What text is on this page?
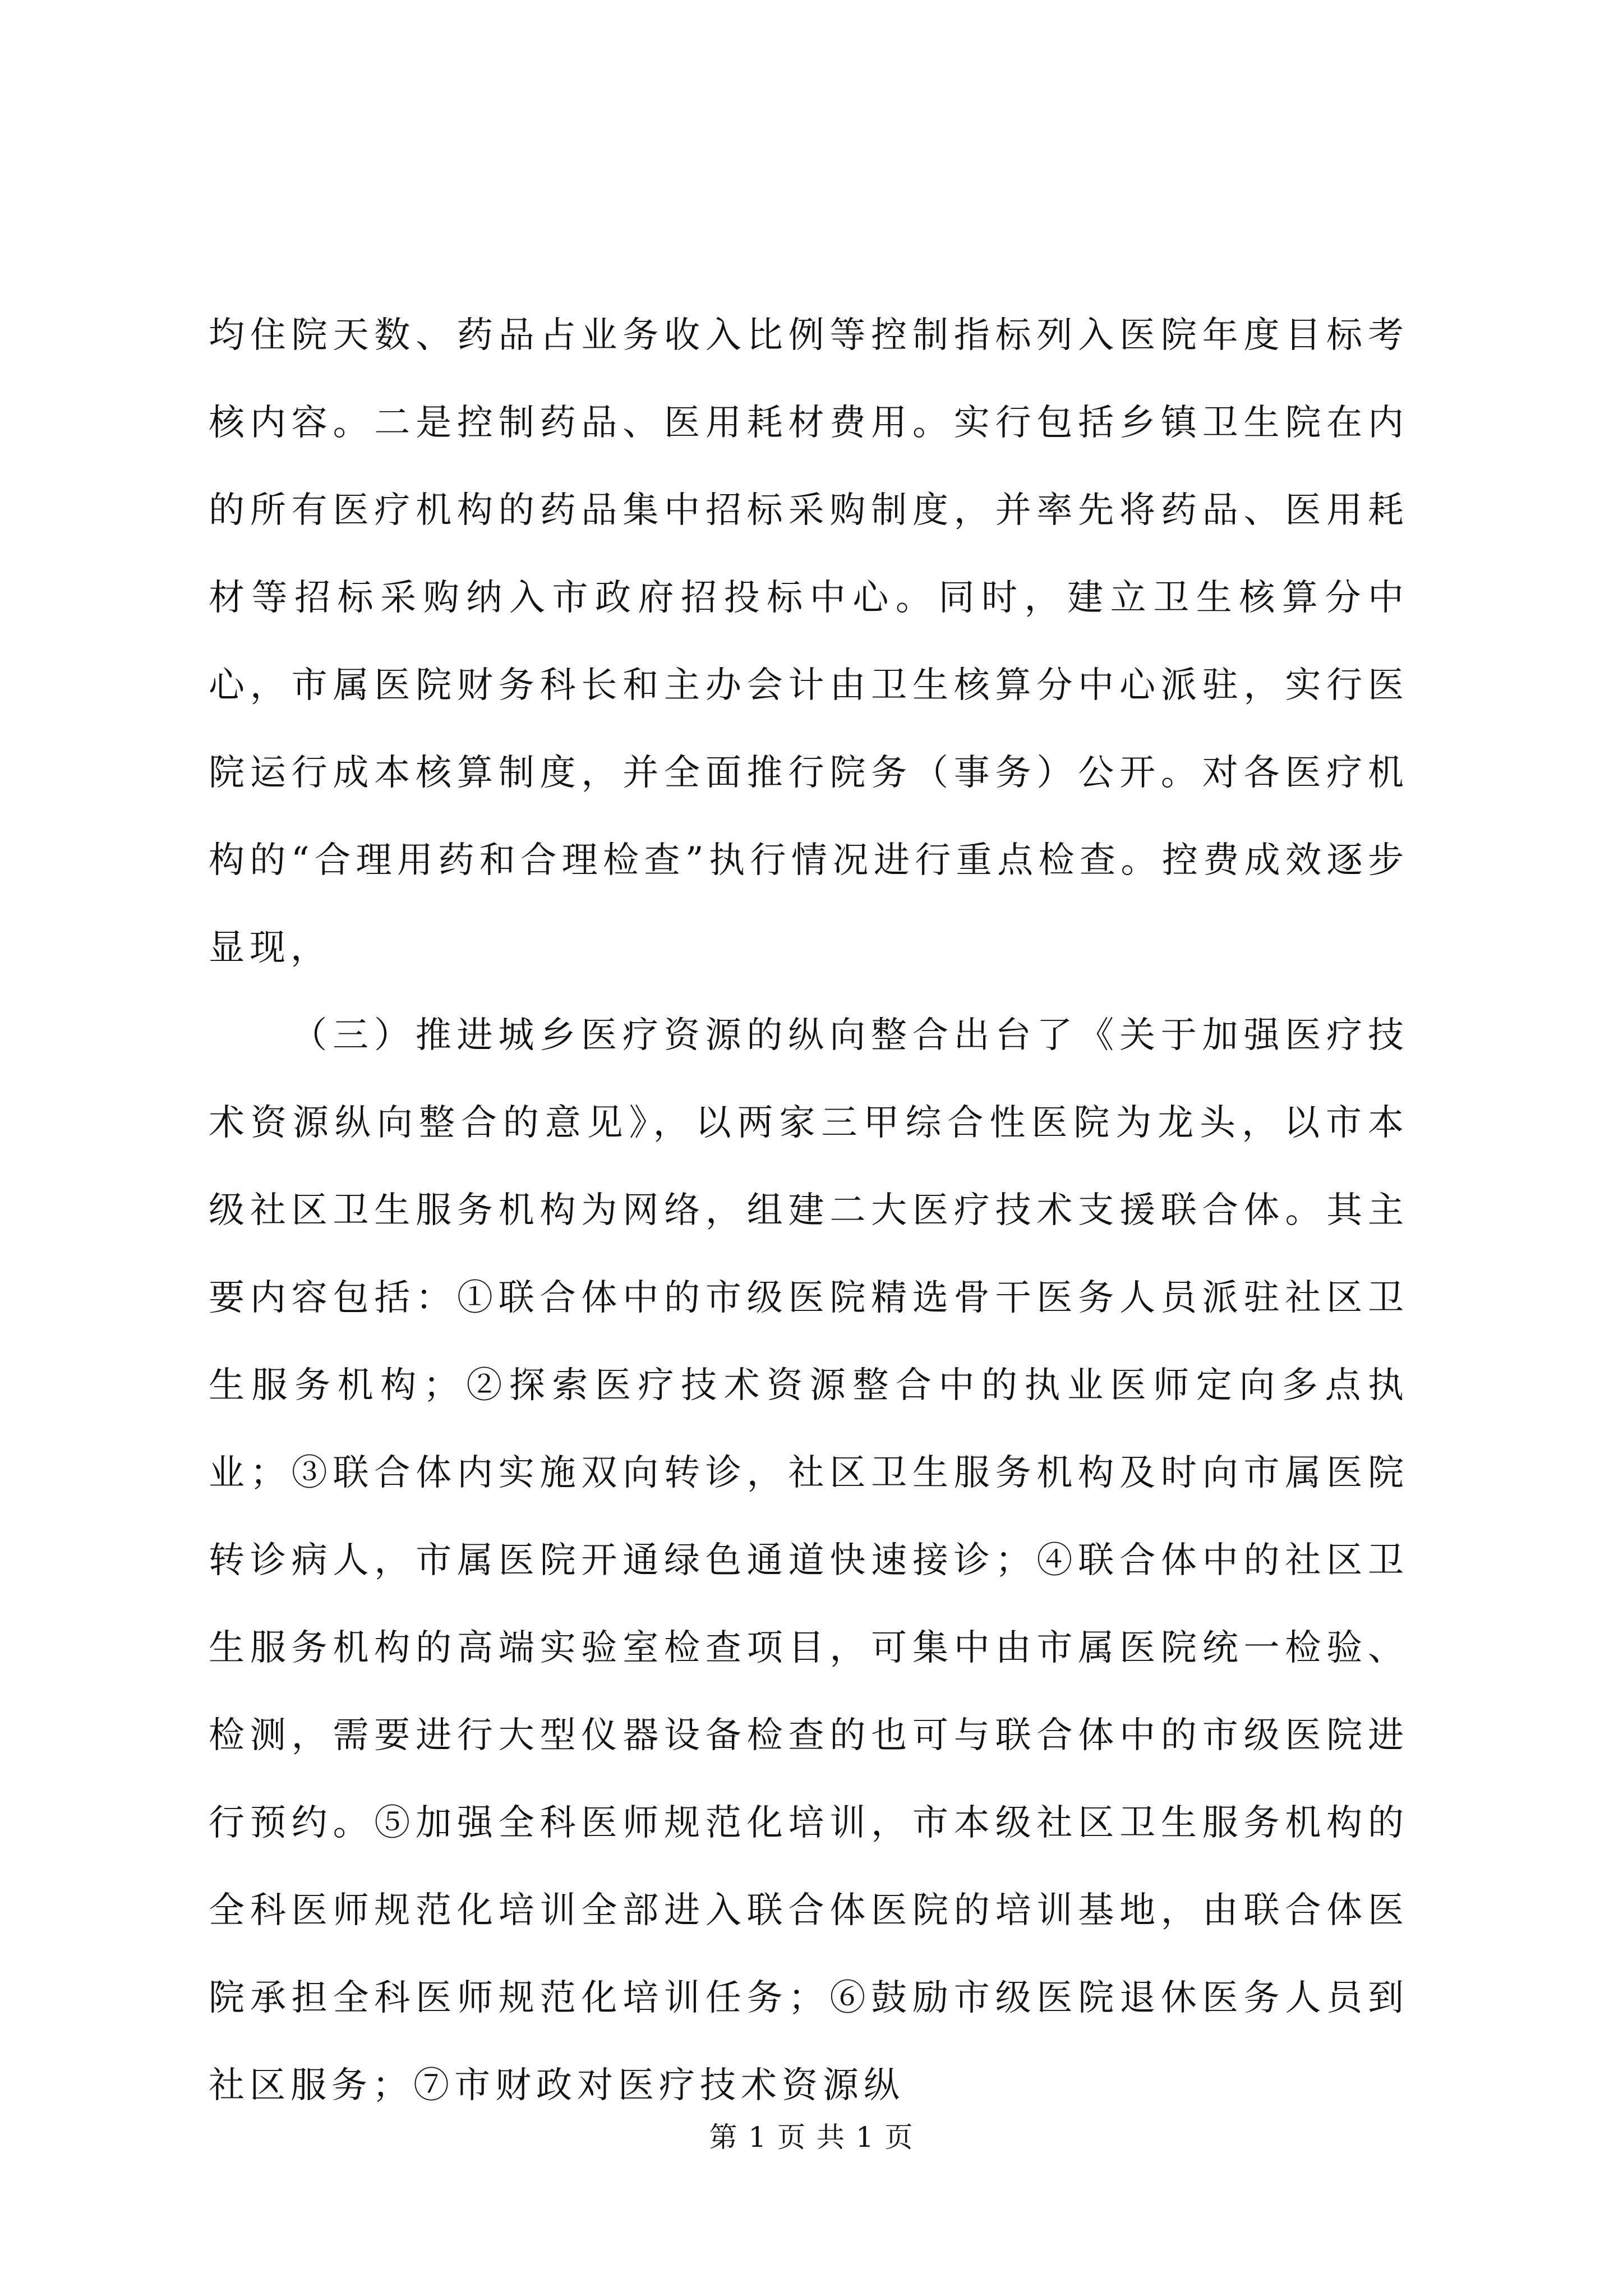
均住院天数、药品占业务收入比例等控制指标列入医院年度目标考核内容。二是控制药品、医用耗材费用。实行包括乡镇卫生院在内的所有医疗机构的药品集中招标采购制度，并率先将药品、医用耗材等招标采购纳入市政府招投标中心。同时，建立卫生核算分中心，市属医院财务科长和主办会计由卫生核算分中心派驻，实行医院运行成本核算制度，并全面推行院务（事务）公开。对各医疗机构的“合理用药和合理检查”执行情况进行重点检查。控费成效逐步显现，

（三）推进城乡医疗资源的纵向整合出台了《关于加强医疗技术资源纵向整合的意见》，以两家三甲综合性医院为龙头，以市本级社区卫生服务机构为网络，组建二大医疗技术支援联合体。其主要内容包括：①联合体中的市级医院精选骨干医务人员派驻社区卫生服务机构；②探索医疗技术资源整合中的执业医师定向多点执业；③联合体内实施双向转诊，社区卫生服务机构及时向市属医院转诊病人，市属医院开通绿色通道快速接诊；④联合体中的社区卫生服务机构的高端实验室检查项目，可集中由市属医院统一检验、检测，需要进行大型仪器设备检查的也可与联合体中的市级医院进行预约。⑤加强全科医师规范化培训，市本级社区卫生服务机构的全科医师规范化培训全部进入联合体医院的培训基地，由联合体医院承担全科医师规范化培训任务；⑥鼓励市级医院退休医务人员到社区服务；⑦市财政对医疗技术资源纵

第 1 页 共 1 页
